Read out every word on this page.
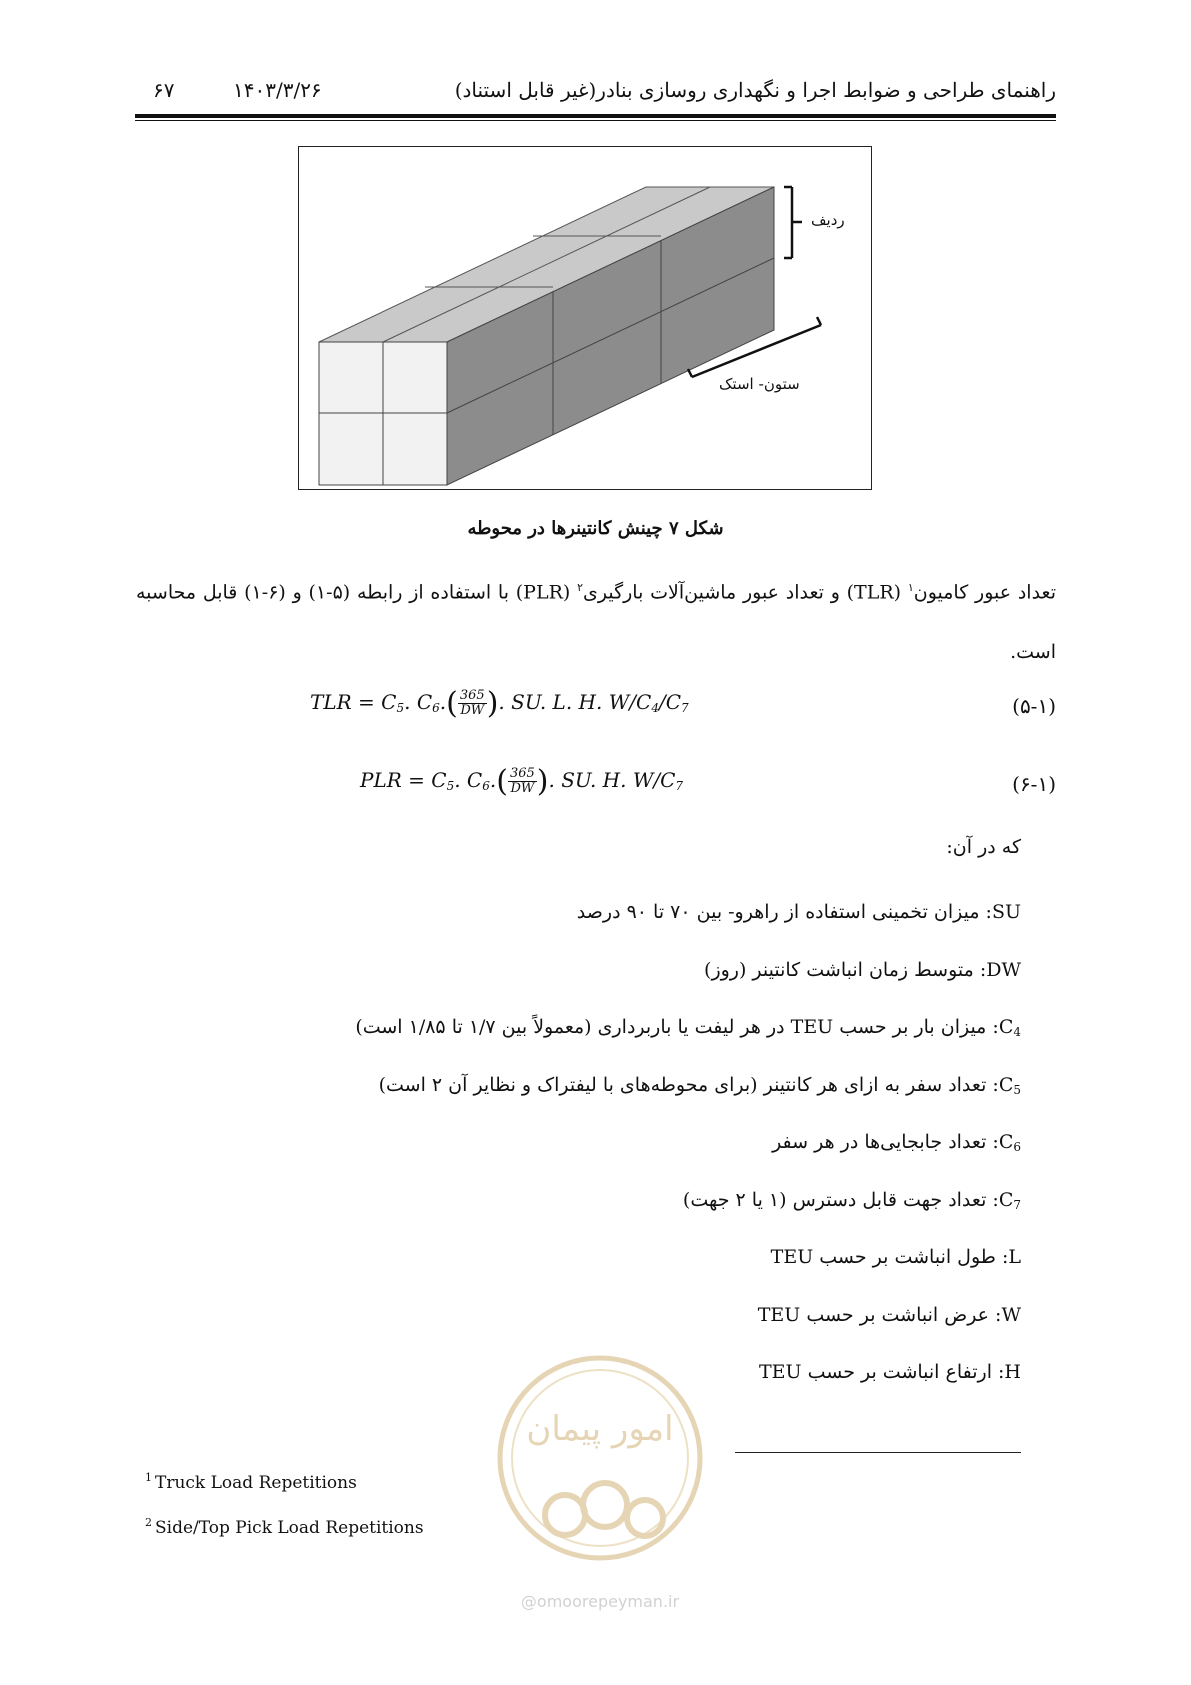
راهنمای طراحی و ضوابط اجرا و نگهداری روسازی بنادر(غیر قابل استناد)
۱۴۰۳/۳/۲۶
۶۷
ردیف
ستون- استک
شکل ۷ چینش کانتینرها در محوطه
تعداد عبور کامیون$^۱$ (TLR) و تعداد عبور ماشین‌آلات بارگیری$^۲$ (PLR) با استفاده از رابطه (۵-۱) و (۶-۱) قابل محاسبه است.
TLR = $C_5$. $C_6.( \frac{365}{DW}$ ). SU. L. H. $W/C_4/C_7$	(۵-۱)
PLR = $C_5$. $C_6.( \frac{365}{DW}$ ). SU. H. $W/C_7$	(۶-۱)
که در آن:
SU: میزان تخمینی استفاده از راهرو- بین ۷۰ تا ۹۰ درصد
DW: متوسط زمان انباشت کانتینر (روز)
$C_4$: میزان بار بر حسب TEU در هر لیفت یا باربرداری (معمولاً بین ۱/۷ تا ۱/۸۵ است)
$C_5$: تعداد سفر به ازای هر کانتینر (برای محوطه‌های با لیفتراک و نظایر آن ۲ است)
$C_6$: تعداد جابجایی‌ها در هر سفر
$C_7$: تعداد جهت قابل دسترس (۱ یا ۲ جهت)
L: طول انباشت بر حسب TEU
W: عرض انباشت بر حسب TEU
H: ارتفاع انباشت بر حسب TEU
امور پیمان
@omoorepeyman.ir
$^1$ Truck Load Repetitions
$^2$ Side/Top Pick Load Repetitions
